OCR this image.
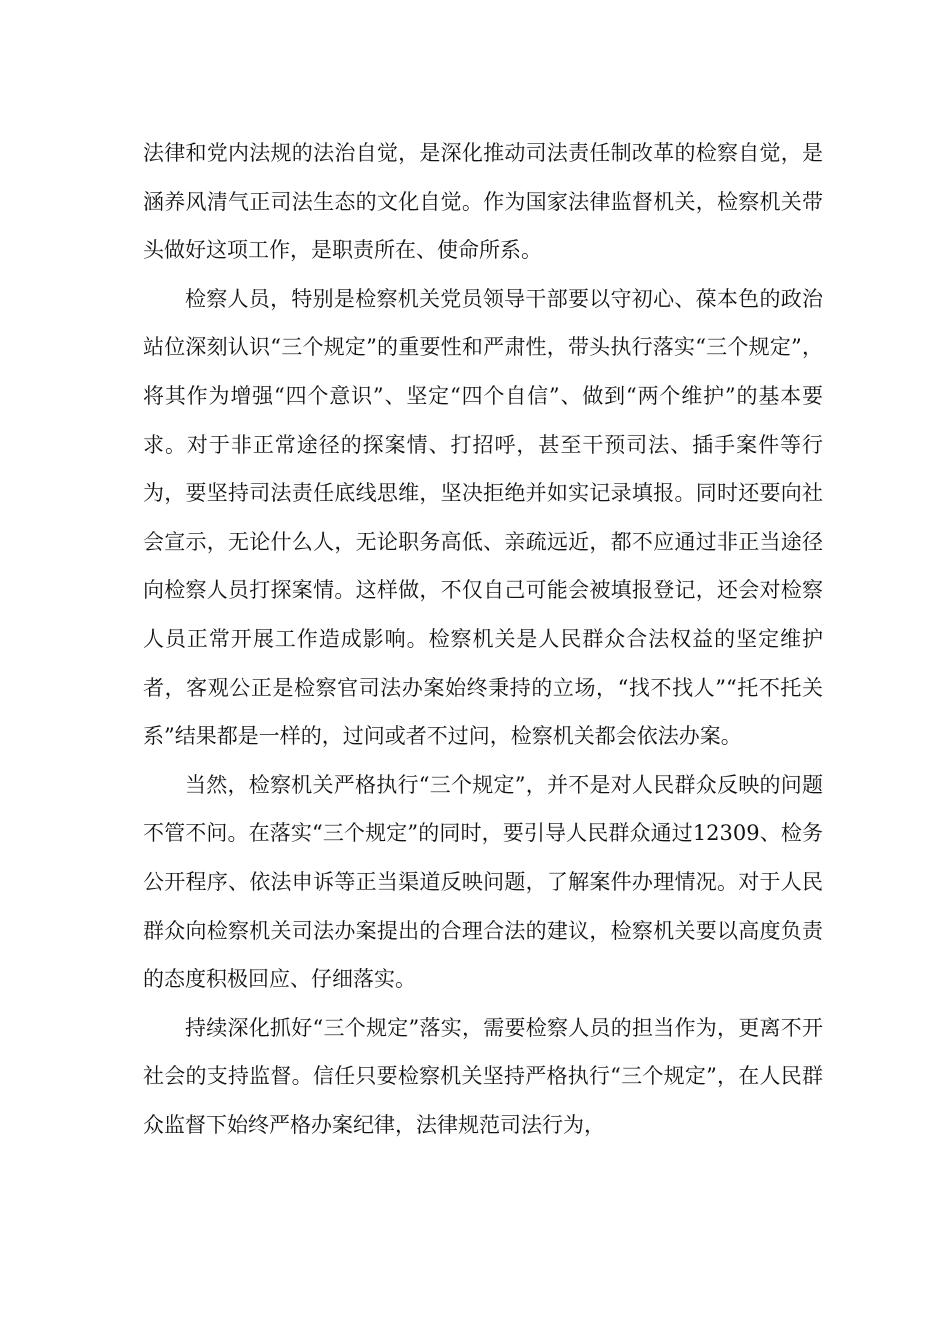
法律和党内法规的法治自觉，是深化推动司法责任制改革的检察自觉，是涵养风清气正司法生态的文化自觉。作为国家法律监督机关，检察机关带头做好这项工作，是职责所在、使命所系。

检察人员，特别是检察机关党员领导干部要以守初心、葆本色的政治站位深刻认识“三个规定”的重要性和严肃性，带头执行落实“三个规定”，将其作为增强“四个意识”、坚定“四个自信”、做到“两个维护”的基本要求。对于非正常途径的探案情、打招呼，甚至干预司法、插手案件等行为，要坚持司法责任底线思维，坚决拒绝并如实记录填报。同时还要向社会宣示，无论什么人，无论职务高低、亲疏远近，都不应通过非正当途径向检察人员打探案情。这样做，不仅自己可能会被填报登记，还会对检察人员正常开展工作造成影响。检察机关是人民群众合法权益的坚定维护者，客观公正是检察官司法办案始终秉持的立场，“找不找人”“托不托关系”结果都是一样的，过问或者不过问，检察机关都会依法办案。

当然，检察机关严格执行“三个规定”，并不是对人民群众反映的问题不管不问。在落实“三个规定”的同时，要引导人民群众通过12309、检务公开程序、依法申诉等正当渠道反映问题，了解案件办理情况。对于人民群众向检察机关司法办案提出的合理合法的建议，检察机关要以高度负责的态度积极回应、仔细落实。

持续深化抓好“三个规定”落实，需要检察人员的担当作为，更离不开社会的支持监督。信任只要检察机关坚持严格执行“三个规定”，在人民群众监督下始终严格办案纪律，法律规范司法行为，
